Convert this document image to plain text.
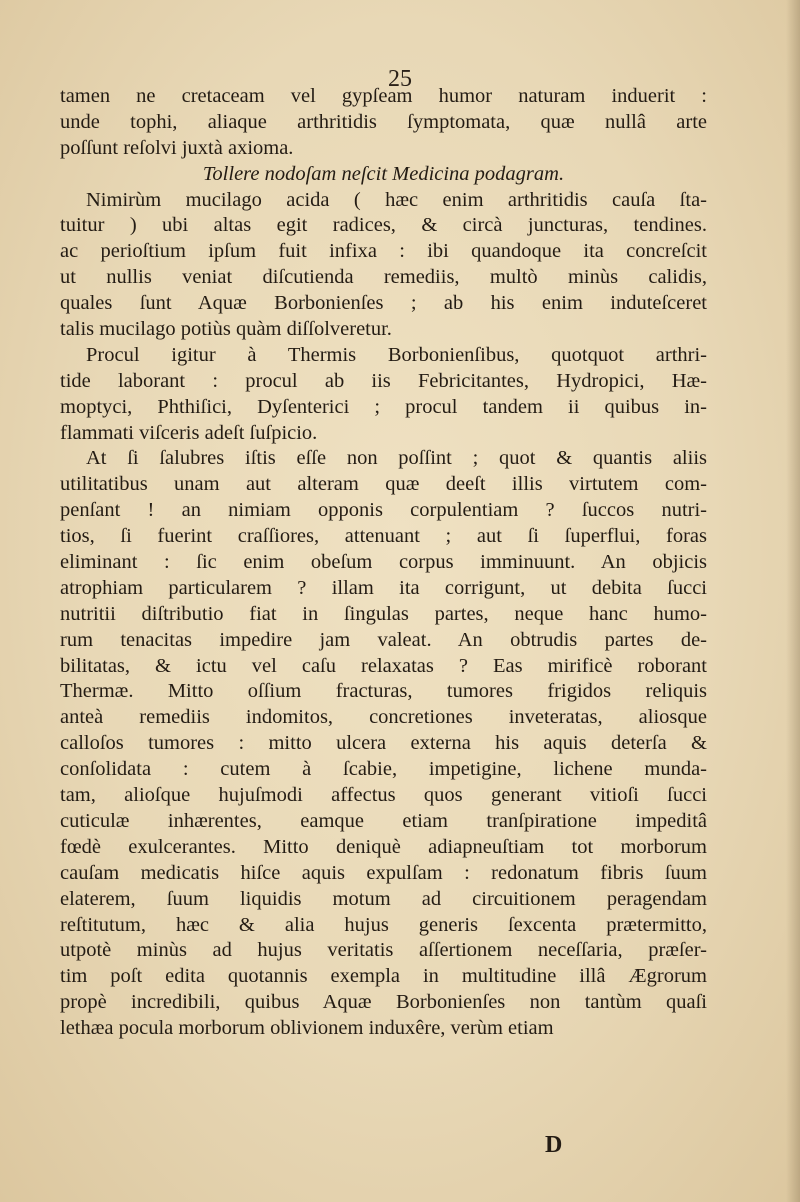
25
tamen ne cretaceam vel gypſeam humor naturam induerit :
unde tophi, aliaque arthritidis ſymptomata, quæ nullâ arte
poſſunt reſolvi juxtà axioma.
Tollere nodoſam neſcit Medicina podagram.
Nimirùm mucilago acida ( hæc enim arthritidis cauſa ſta-
tuitur ) ubi altas egit radices, & circà juncturas, tendines.
ac perioſtium ipſum fuit infixa : ibi quandoque ita concreſcit
ut nullis veniat diſcutienda remediis, multò minùs calidis,
quales ſunt Aquæ Borbonienſes ; ab his enim induteſceret
talis mucilago potiùs quàm diſſolveretur.
Procul igitur à Thermis Borbonienſibus, quotquot arthri-
tide laborant : procul ab iis Febricitantes, Hydropici, Hæ-
moptyci, Phthiſici, Dyſenterici ; procul tandem ii quibus in-
flammati viſceris adeſt ſuſpicio.
At ſi ſalubres iſtis eſſe non poſſint ; quot & quantis aliis
utilitatibus unam aut alteram quæ deeſt illis virtutem com-
penſant ! an nimiam opponis corpulentiam ? ſuccos nutri-
tios, ſi fuerint craſſiores, attenuant ; aut ſi ſuperflui, foras
eliminant : ſic enim obeſum corpus imminuunt. An objicis
atrophiam particularem ? illam ita corrigunt, ut debita ſucci
nutritii diſtributio fiat in ſingulas partes, neque hanc humo-
rum tenacitas impedire jam valeat. An obtrudis partes de-
bilitatas, & ictu vel caſu relaxatas ? Eas mirificè roborant
Thermæ. Mitto oſſium fracturas, tumores frigidos reliquis
anteà remediis indomitos, concretiones inveteratas, aliosque
calloſos tumores : mitto ulcera externa his aquis deterſa &
conſolidata : cutem à ſcabie, impetigine, lichene munda-
tam, alioſque hujuſmodi affectus quos generant vitioſi ſucci
cuticulæ inhærentes, eamque etiam tranſpiratione impeditâ
fœdè exulcerantes. Mitto deniquè adiapneuſtiam tot morborum
cauſam medicatis hiſce aquis expulſam : redonatum fibris ſuum
elaterem, ſuum liquidis motum ad circuitionem peragendam
reſtitutum, hæc & alia hujus generis ſexcenta prætermitto,
utpotè minùs ad hujus veritatis aſſertionem neceſſaria, præſer-
tim poſt edita quotannis exempla in multitudine illâ Ægrorum
propè incredibili, quibus Aquæ Borbonienſes non tantùm quaſi
lethæa pocula morborum oblivionem induxêre, verùm etiam
D
